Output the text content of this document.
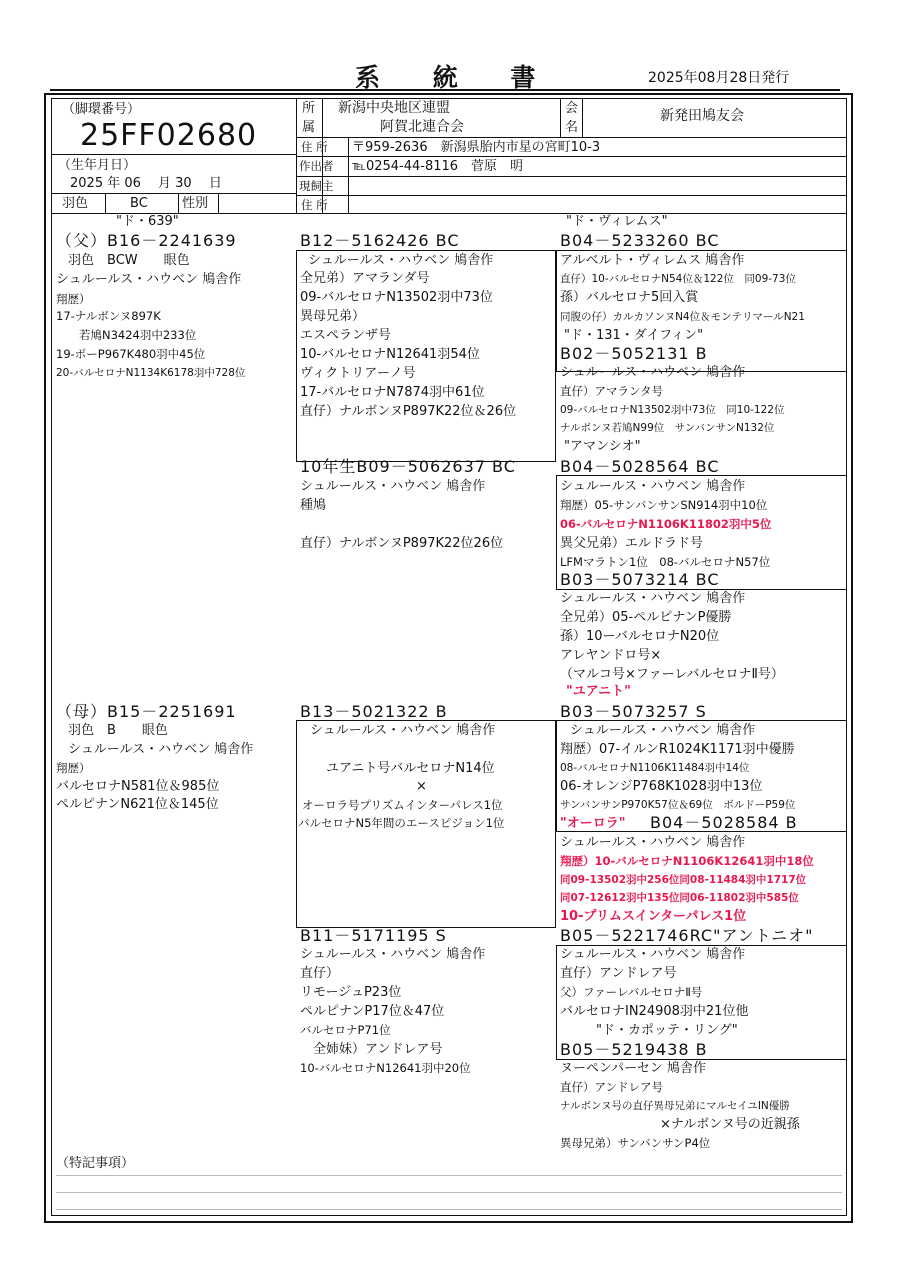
系 統 書	2025年08月28日発行
（脚環番号）
25FF02680
（生年月日）
2025 年 06 　月 30 　日
羽色	BC	性別
所
属
新潟中央地区連盟
阿賀北連合会
会
名
新発田鳩友会
住 所 〒959-2636　新潟県胎内市星の宮町10-3
作出者 ℡0254-44-8116　菅原　明
現飼主
住 所
"ド・639"
（父）B16－2241639
羽色　BCW　　眼色
シュルールス・ハウベン 鳩舎作
翔歴）
17-ナルボンヌ897K
　　若鳩N3424羽中233位
19-ポーP967K480羽中45位
20-バルセロナN1134K6178羽中728位
B12－5162426 BC
シュルールス・ハウベン 鳩舎作
全兄弟）アマランダ号
09-バルセロナN13502羽中73位
異母兄弟）
エスペランザ号
10-バルセロナN12641羽54位
ヴィクトリアーノ号
17-バルセロナN7874羽中61位
直仔）ナルボンヌP897K22位＆26位
"ド・ヴィレムス"
B04－5233260 BC
アルベルト・ヴィレムス 鳩舎作
直仔）10-バルセロナN54位＆122位　同09-73位
孫）バルセロナ5回入賞
同腹の仔）カルカソンヌN4位＆モンテリマールN21
"ド・131・ダイフィン"
B02－5052131 B
シュルールス・ハウベン 鳩舎作
直仔）アマランタ号
09-バルセロナN13502羽中73位　同10-122位
ナルボンヌ若鳩N99位　サンバンサンN132位
10年生B09－5062637 BC
シュルールス・ハウベン 鳩舎作
種鳩
直仔）ナルボンヌP897K22位26位
"アマンシオ"
B04－5028564 BC
シュルールス・ハウベン 鳩舎作
翔歴）05-サンバンサンSN914羽中10位
06-バルセロナN1106K11802羽中5位
異父兄弟）エルドラド号
LFMマラトン1位　08-バルセロナN57位
B03－5073214 BC
シュルールス・ハウベン 鳩舎作
全兄弟）05-ペルピナンP優勝
孫）10ーバルセロナN20位
アレヤンドロ号×
（マルコ号×ファーレバルセロナⅡ号）
（母）B15－2251691
羽色　B　　眼色
シュルールス・ハウベン 鳩舎作
翔歴）
バルセロナN581位＆985位
ペルピナンN621位＆145位
B13－5021322 B
シュルールス・ハウベン 鳩舎作
ユアニト号バルセロナN14位
×
オーロラ号プリズムインターパレス1位
バルセロナN5年間のエースピジョン1位
"ユアニト"
B03－5073257 S
シュルールス・ハウベン 鳩舎作
翔歴）07-イルンR1024K1171羽中優勝
08-バルセロナN1106K11484羽中14位
06-オレンジP768K1028羽中13位
サンバンサンP970K57位＆69位　ボルドーP59位
"オーロラ" B04－5028584 B
シュルールス・ハウベン 鳩舎作
翔歴）10-バルセロナN1106K12641羽中18位
同09-13502羽中256位同08-11484羽中1717位
同07-12612羽中135位同06-11802羽中585位
10-プリムスインターパレス1位
B11－5171195 S
シュルールス・ハウベン 鳩舎作
直仔）
リモージュP23位
ペルピナンP17位＆47位
バルセロナP71位
　全姉妹）アンドレア号
10-バルセロナN12641羽中20位
B05－5221746RC"アントニオ"
シュルールス・ハウベン 鳩舎作
直仔）アンドレア号
父）ファーレバルセロナⅡ号
バルセロナIN24908羽中21位他
"ド・カポッテ・リング"
B05－5219438 B
ヌーペンパーセン 鳩舎作
直仔）アンドレア号
ナルボンヌ号の直仔異母兄弟にマルセイユIN優勝
×ナルボンヌ号の近親孫
異母兄弟）サンバンサンP4位
（特記事項）
